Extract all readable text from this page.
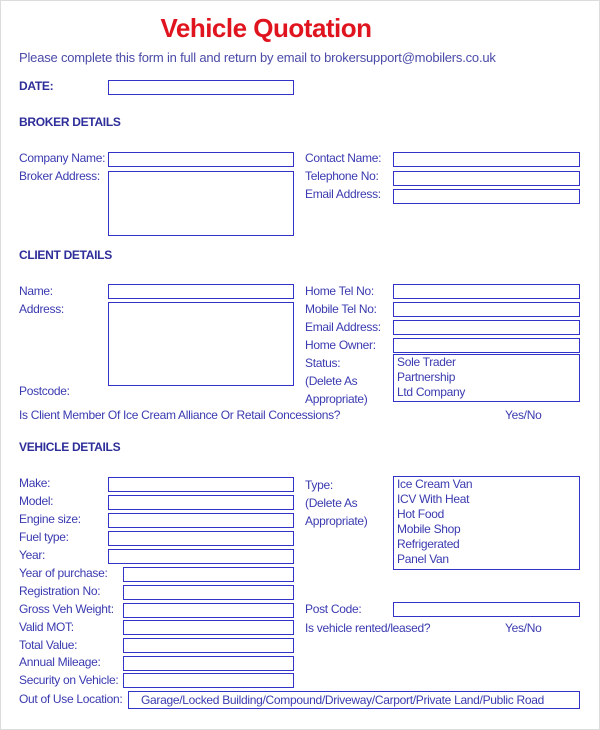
Vehicle Quotation
Please complete this form in full and return by email to brokersupport@mobilers.co.uk
DATE:
BROKER DETAILS
Company Name:
Broker Address:
Contact Name:
Telephone No:
Email Address:
CLIENT DETAILS
Name:
Address:
Postcode:
Home Tel No:
Mobile Tel No:
Email Address:
Home Owner:
Status:
(Delete As
Appropriate)
Sole Trader
Partnership
Ltd Company
Is Client Member Of Ice Cream Alliance Or Retail Concessions?	Yes/No
VEHICLE DETAILS
Make:
Model:
Engine size:
Fuel type:
Year:
Year of purchase:
Registration No:
Gross Veh Weight:
Valid MOT:
Total Value:
Annual Mileage:
Security on Vehicle:
Out of Use Location: Garage/Locked Building/Compound/Driveway/Carport/Private Land/Public Road
Type:
(Delete As
Appropriate)
Ice Cream Van
ICV With Heat
Hot Food
Mobile Shop
Refrigerated
Panel Van
Post Code:
Is vehicle rented/leased?	Yes/No
